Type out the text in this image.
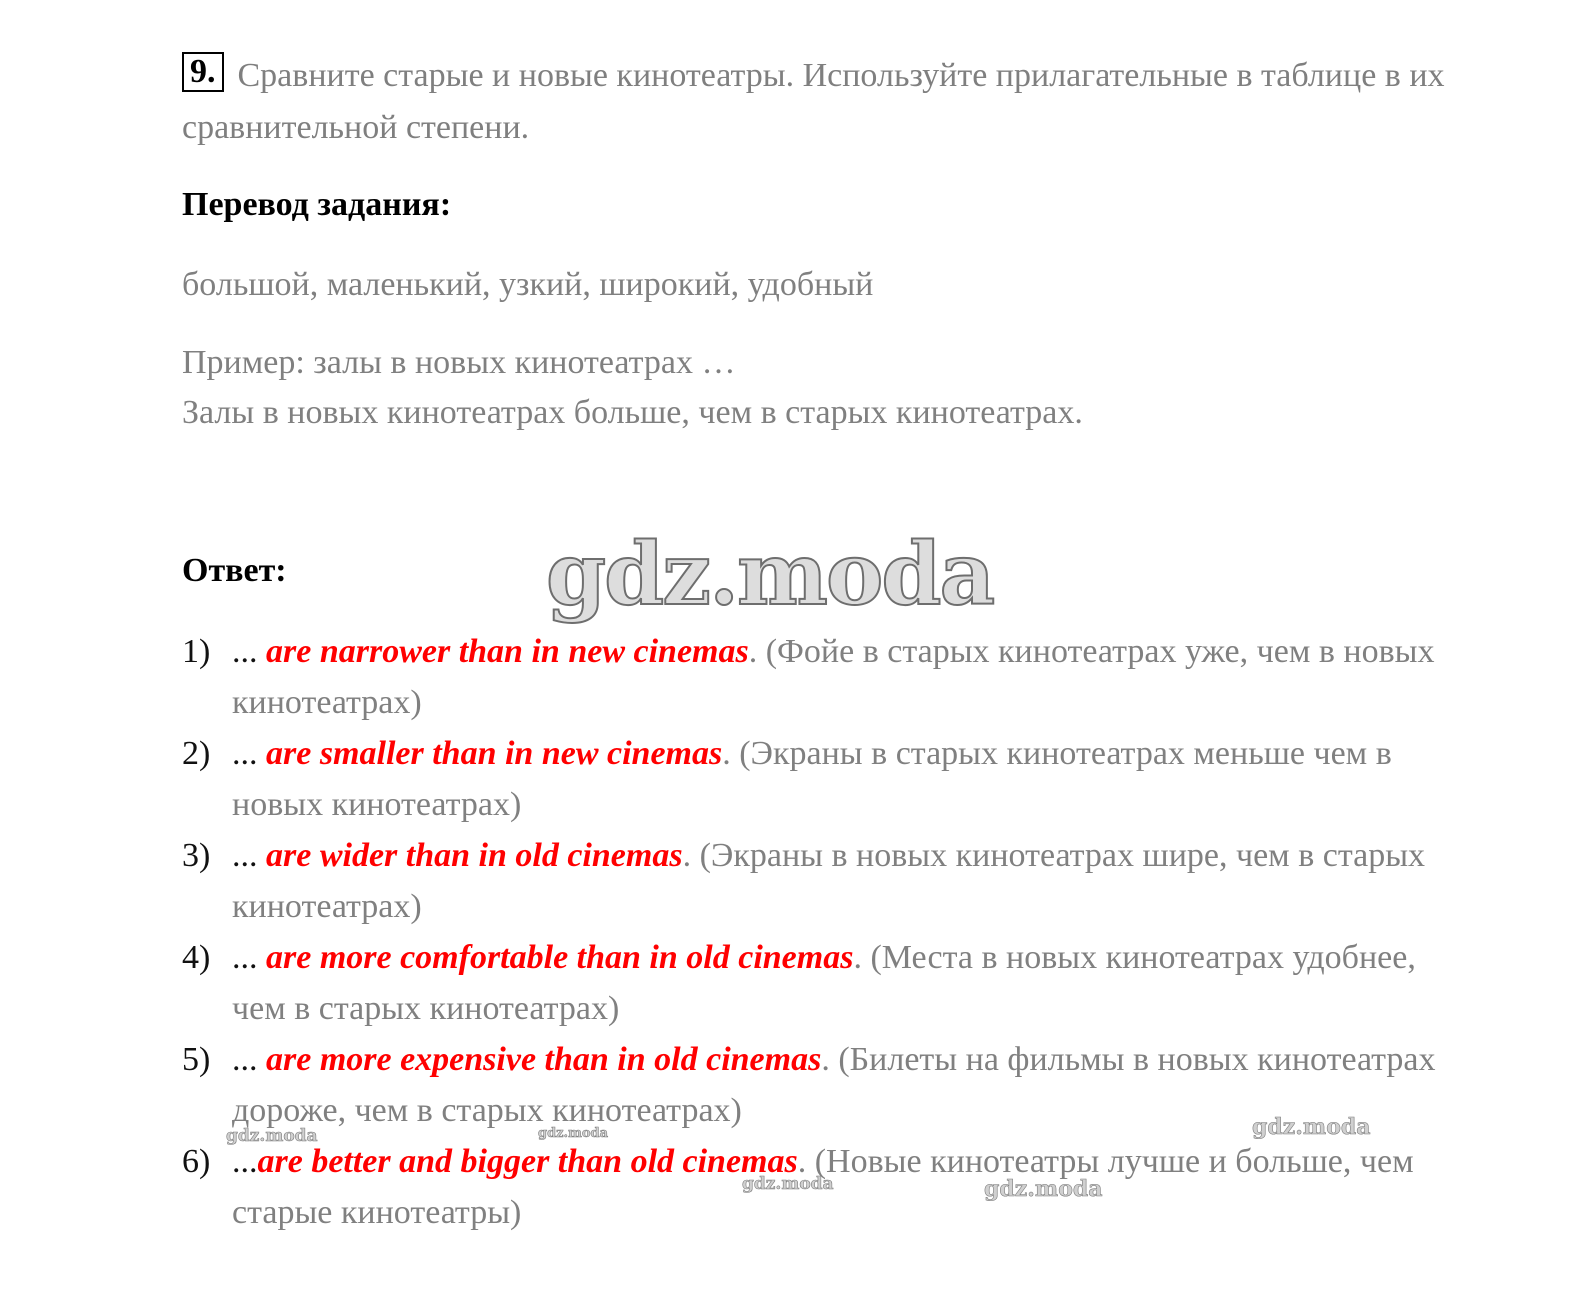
9. Сравните старые и новые кинотеатры. Используйте прилагательные в таблице в их сравнительной степени.
Перевод задания:
большой, маленький, узкий, широкий, удобный
Пример: залы в новых кинотеатрах …
Залы в новых кинотеатрах больше, чем в старых кинотеатрах.
Ответ:	gdz.moda
1) ... are narrower than in new cinemas. (Фойе в старых кинотеатрах уже, чем в новых кинотеатрах)
2) ... are smaller than in new cinemas. (Экраны в старых кинотеатрах меньше чем в новых кинотеатрах)
3) ... are wider than in old cinemas. (Экраны в новых кинотеатрах шире, чем в старых кинотеатрах)
4) ... are more comfortable than in old cinemas. (Места в новых кинотеатрах удобнее, чем в старых кинотеатрах)
5) ... are more expensive than in old cinemas. (Билеты на фильмы в новых кинотеатрах дороже, чем в старых кинотеатрах)
6) ...are better and bigger than old cinemas. (Новые кинотеатры лучше и больше, чем старые кинотеатры)
gdz.moda	gdz.moda	gdz.moda
gdz.moda	gdz.moda
